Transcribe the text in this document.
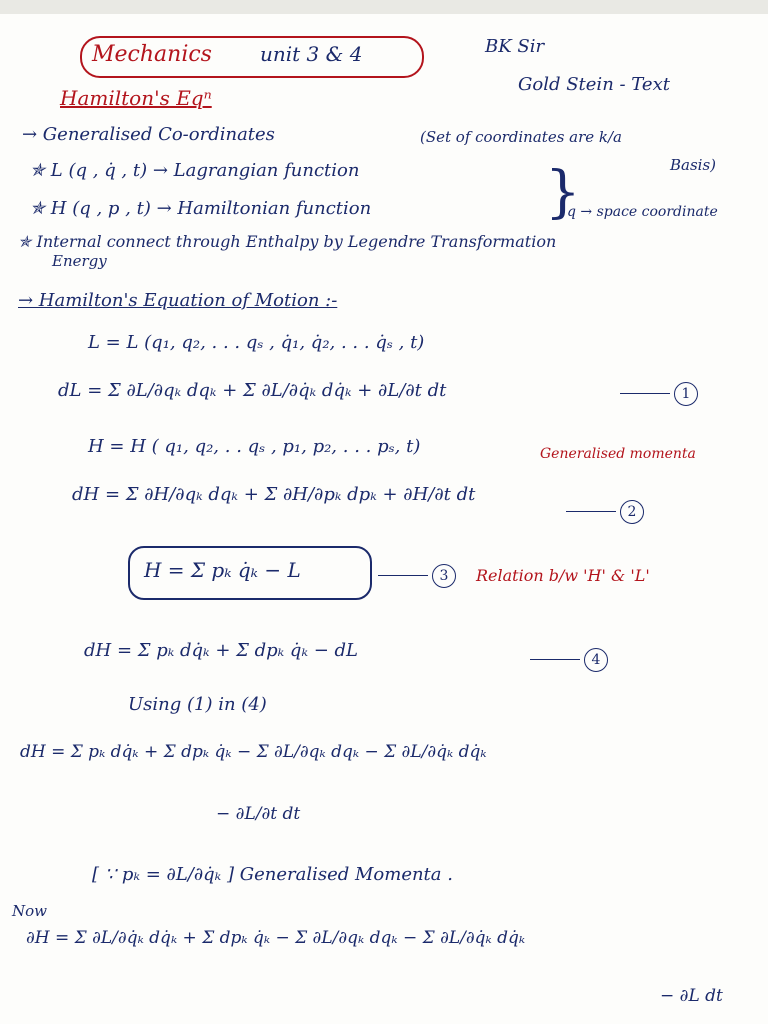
Mechanics unit 3 & 4	BK Sir
Gold Stein - Text
Hamilton's Eqⁿ
→ Generalised Co-ordinates	(Set of coordinates are k/a
Basis)
✯ L (q , q̇ , t) → Lagrangian function	}
✯ H (q , p , t) → Hamiltonian function	q → space coordinate
✯ Internal connect through Enthalpy by Legendre Transformation
Energy
→ Hamilton's Equation of Motion :-
L = L (q₁, q₂, . . . qₛ , q̇₁, q̇₂, . . . q̇ₛ , t)
dL = Σ ∂L/∂qₖ dqₖ + Σ ∂L/∂q̇ₖ dq̇ₖ + ∂L/∂t dt	1
H = H ( q₁, q₂, . . qₛ , p₁, p₂, . . . pₛ, t)	Generalised momenta
dH = Σ ∂H/∂qₖ dqₖ + Σ ∂H/∂pₖ dpₖ + ∂H/∂t dt
2
H = Σ pₖ q̇ₖ − L	3	Relation b/w 'H' & 'L'
dH = Σ pₖ dq̇ₖ + Σ dpₖ q̇ₖ − dL	4
Using (1) in (4)
dH = Σ pₖ dq̇ₖ + Σ dpₖ q̇ₖ − Σ ∂L/∂qₖ dqₖ − Σ ∂L/∂q̇ₖ dq̇ₖ
− ∂L/∂t dt
[ ∵ pₖ = ∂L/∂q̇ₖ ] Generalised Momenta .
Now
∂H = Σ ∂L/∂q̇ₖ dq̇ₖ + Σ dpₖ q̇ₖ − Σ ∂L/∂qₖ dqₖ − Σ ∂L/∂q̇ₖ dq̇ₖ
− ∂L dt
